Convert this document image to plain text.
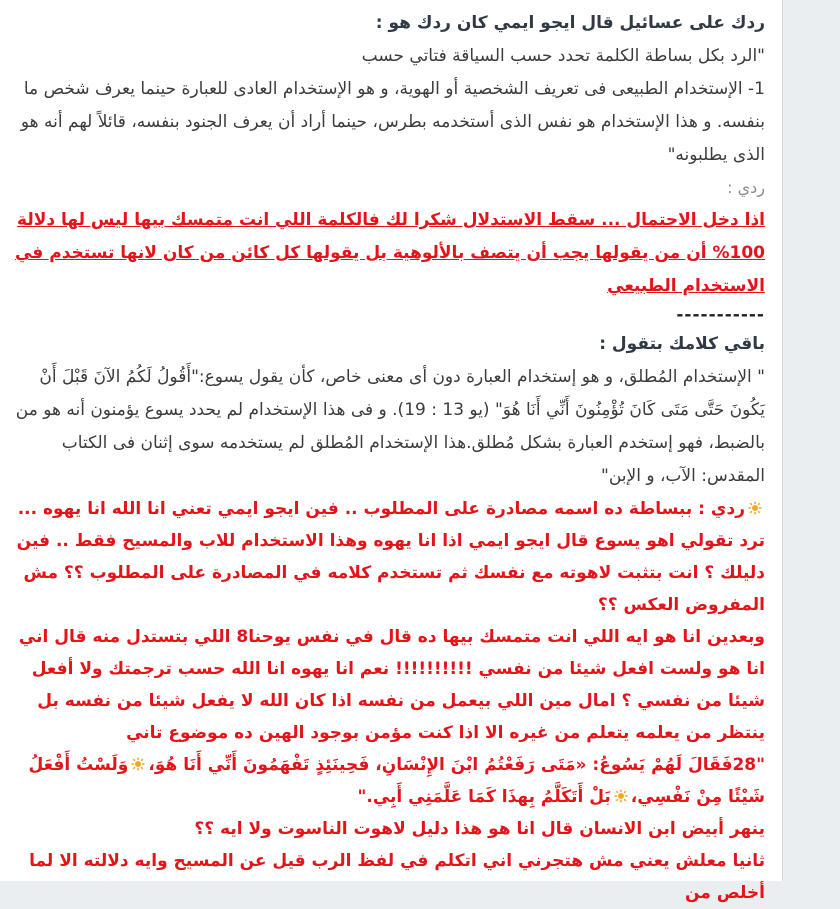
ردك على عسائيل قال ايجو ايمي كان ردك هو :

"الرد بكل بساطة الكلمة تحدد حسب السياقة فتاتي حسب

1- الإستخدام الطبيعى فى تعريف الشخصية أو الهوية، و هو الإستخدام العادى للعبارة حينما يعرف شخص ما بنفسه. و هذا الإستخدام هو نفس الذى أستخدمه بطرس، حينما أراد أن يعرف الجنود بنفسه، قائلاً لهم أنه هو الذى يطلبونه"

ردي :

اذا دخل الاحتمال ... سقط الاستدلال شكرا لك فالكلمة اللي انت متمسك بيها ليس لها دلالة 100% أن من يقولها يجب أن يتصف بالألوهية بل يقولها كل كائن من كان لانها تستخدم في الاستخدام الطبيعي

-----------

باقي كلامك بتقول :

" الإستخدام المُطلق، و هو إستخدام العبارة دون أى معنى خاص، كأن يقول يسوع:"أَقُولُ لَكُمُ الآنَ قَبْلَ أَنْ يَكُونَ حَتَّى مَتَى كَانَ تُؤْمِنُونَ أَنِّي أَنَا هُوَ" (يو 13 : 19). و فى هذا الإستخدام لم يحدد يسوع يؤمنون أنه هو من بالضبط، فهو إستخدم العبارة بشكل مُطلق.هذا الإستخدام المُطلق لم يستخدمه سوى إثنان فى الكتاب المقدس: الآب، و الإبن"

ردي : ببساطة ده اسمه مصادرة على المطلوب .. فين ايجو ايمي تعني انا الله انا يهوه ... ترد تقولي اهو يسوع قال ايجو ايمي اذا انا يهوه وهذا الاستخدام للاب والمسيح فقط .. فين دليلك ؟ انت بتثبت لاهوته مع نفسك ثم تستخدم كلامه في المصادرة على المطلوب ؟؟ مش المفروض العكس ؟؟

وبعدين انا هو ايه اللي انت متمسك بيها ده قال في نفس يوحنا8 اللي بتستدل منه قال اني انا هو ولست افعل شيئا من نفسي !!!!!!!!!! نعم انا يهوه انا الله حسب ترجمتك ولا أفعل شيئا من نفسي ؟ امال مين اللي بيعمل من نفسه اذا كان الله لا يفعل شيئا من نفسه بل ينتظر من يعلمه يتعلم من غيره الا اذا كنت مؤمن بوجود الهين ده موضوع تاني

"28فَقَالَ لَهُمْ يَسُوعُ: «مَتَى رَفَعْتُمُ ابْنَ الإِنْسَانِ، فَحِينَئِذٍ تَفْهَمُونَ أَنِّي أَنَا هُوَ،
وَلَسْتُ أَفْعَلُ شَيْئًا مِنْ نَفْسِي،
بَلْ أَتَكَلَّمُ بِهذَا كَمَا عَلَّمَنِي أَبِي."

ينهر أبيض ابن الانسان قال انا هو هذا دليل لاهوت الناسوت ولا ايه ؟؟

ثانيا معلش يعني مش هتجرني اني اتكلم في لفظ الرب قيل عن المسيح وايه دلالته الا لما أخلص من
